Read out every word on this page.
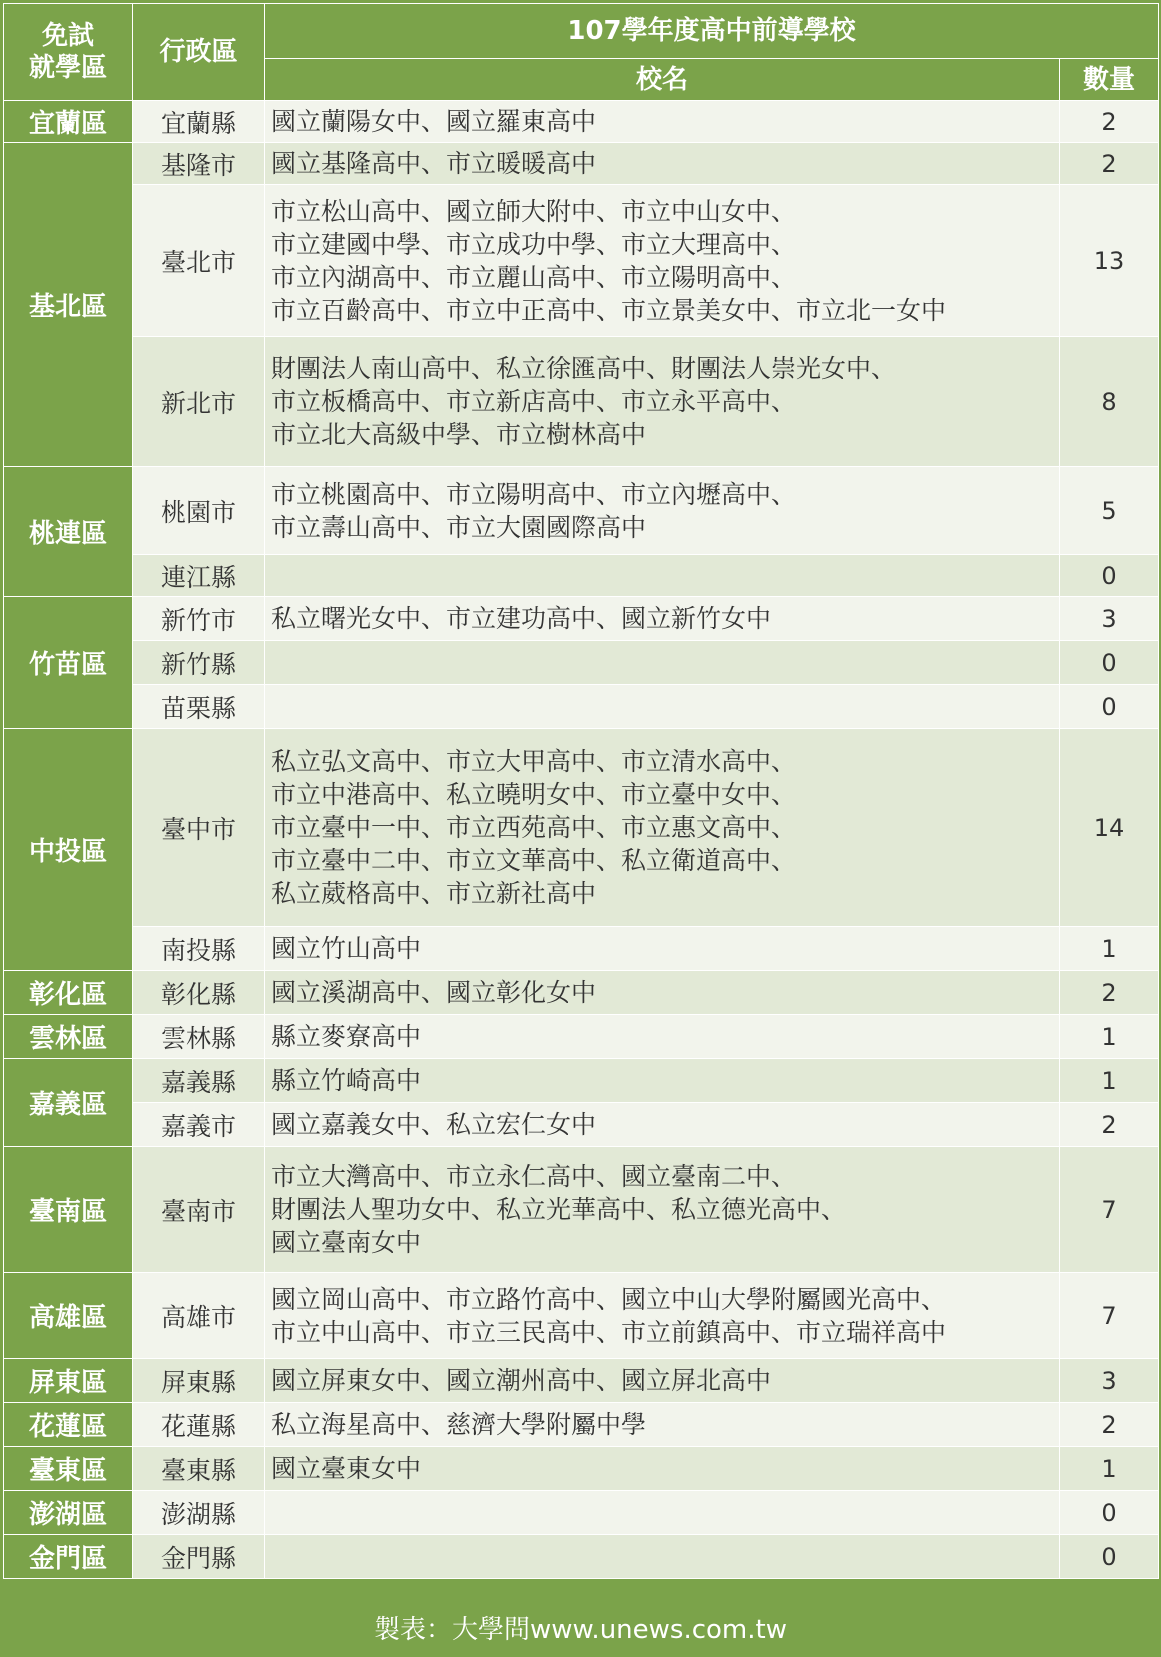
免試
就學區	行政區	107學年度高中前導學校	
		校名	數量
宜蘭區	宜蘭縣	國立蘭陽女中、國立羅東高中	2
基北區	基隆市	國立基隆高中、市立暖暖高中	2
	臺北市	市立松山高中、國立師大附中、市立中山女中、
市立建國中學、市立成功中學、市立大理高中、
市立內湖高中、市立麗山高中、市立陽明高中、
市立百齡高中、市立中正高中、市立景美女中、市立北一女中	13
	新北市	財團法人南山高中、私立徐匯高中、財團法人崇光女中、
市立板橋高中、市立新店高中、市立永平高中、
市立北大高級中學、市立樹林高中	8
桃連區	桃園市	市立桃園高中、市立陽明高中、市立內壢高中、
市立壽山高中、市立大園國際高中	5
	連江縣		0
竹苗區	新竹市	私立曙光女中、市立建功高中、國立新竹女中	3
	新竹縣		0
	苗栗縣		0
中投區	臺中市	私立弘文高中、市立大甲高中、市立清水高中、
市立中港高中、私立曉明女中、市立臺中女中、
市立臺中一中、市立西苑高中、市立惠文高中、
市立臺中二中、市立文華高中、私立衛道高中、
私立葳格高中、市立新社高中	14
	南投縣	國立竹山高中	1
彰化區	彰化縣	國立溪湖高中、國立彰化女中	2
雲林區	雲林縣	縣立麥寮高中	1
嘉義區	嘉義縣	縣立竹崎高中	1
	嘉義市	國立嘉義女中、私立宏仁女中	2
臺南區	臺南市	市立大灣高中、市立永仁高中、國立臺南二中、
財團法人聖功女中、私立光華高中、私立德光高中、
國立臺南女中	7
高雄區	高雄市	國立岡山高中、市立路竹高中、國立中山大學附屬國光高中、
市立中山高中、市立三民高中、市立前鎮高中、市立瑞祥高中	7
屏東區	屏東縣	國立屏東女中、國立潮州高中、國立屏北高中	3
花蓮區	花蓮縣	私立海星高中、慈濟大學附屬中學	2
臺東區	臺東縣	國立臺東女中	1
澎湖區	澎湖縣		0
金門區	金門縣		0
製表：大學問www.unews.com.tw
